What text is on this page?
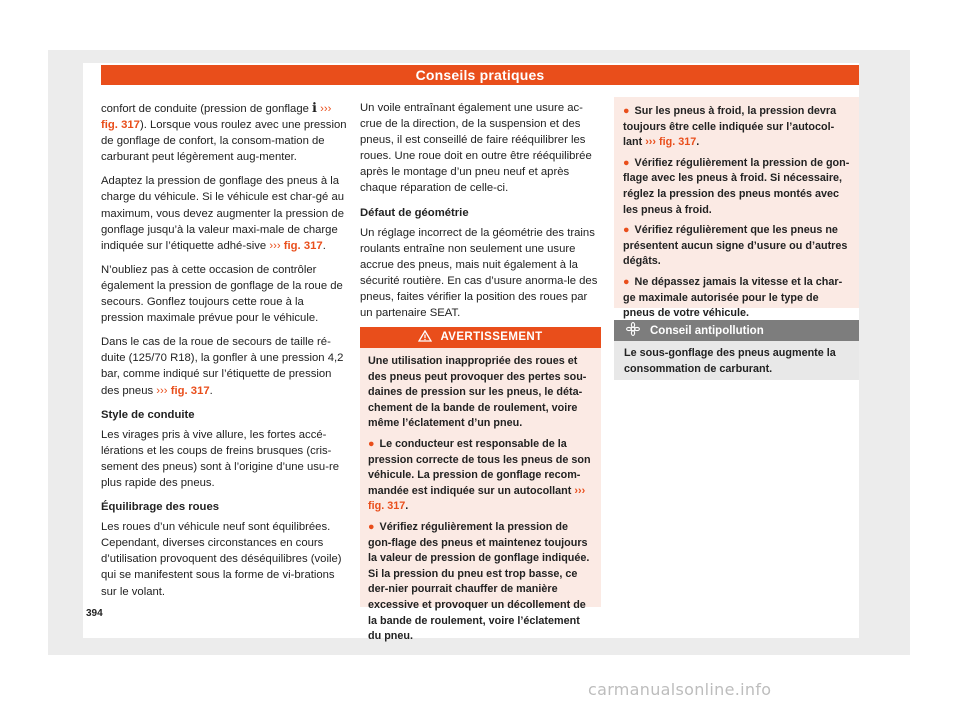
Conseils pratiques

confort de conduite (pression de gonflage ℹ ››› fig. 317). Lorsque vous roulez avec une pression de gonflage de confort, la consom-mation de carburant peut légèrement aug-menter.

Adaptez la pression de gonflage des pneus à la charge du véhicule. Si le véhicule est char-gé au maximum, vous devez augmenter la pression de gonflage jusqu’à la valeur maxi-male de charge indiquée sur l’étiquette adhé-sive ››› fig. 317.

N’oubliez pas à cette occasion de contrôler également la pression de gonflage de la roue de secours. Gonflez toujours cette roue à la pression maximale prévue pour le véhicule.

Dans le cas de la roue de secours de taille ré-duite (125/70 R18), la gonfler à une pression 4,2 bar, comme indiqué sur l’étiquette de pression des pneus ››› fig. 317.

Style de conduite

Les virages pris à vive allure, les fortes accé-lérations et les coups de freins brusques (cris-sement des pneus) sont à l’origine d’une usu-re plus rapide des pneus.

Équilibrage des roues

Les roues d’un véhicule neuf sont équilibrées. Cependant, diverses circonstances en cours d’utilisation provoquent des déséquilibres (voile) qui se manifestent sous la forme de vi-brations sur le volant.

Un voile entraînant également une usure ac-crue de la direction, de la suspension et des pneus, il est conseillé de faire rééquilibrer les roues. Une roue doit en outre être rééquilibrée après le montage d’un pneu neuf et après chaque réparation de celle-ci.

Défaut de géométrie

Un réglage incorrect de la géométrie des trains roulants entraîne non seulement une usure accrue des pneus, mais nuit également à la sécurité routière. En cas d’usure anorma-le des pneus, faites vérifier la position des roues par un partenaire SEAT.

AVERTISSEMENT

Une utilisation inappropriée des roues et des pneus peut provoquer des pertes sou-daines de pression sur les pneus, le déta-chement de la bande de roulement, voire même l’éclatement d’un pneu.

● Le conducteur est responsable de la pression correcte de tous les pneus de son véhicule. La pression de gonflage recom-mandée est indiquée sur un autocollant ››› fig. 317.

● Vérifiez régulièrement la pression de gon-flage des pneus et maintenez toujours la valeur de pression de gonflage indiquée. Si la pression du pneu est trop basse, ce der-nier pourrait chauffer de manière excessive et provoquer un décollement de la bande de roulement, voire l’éclatement du pneu.

● Sur les pneus à froid, la pression devra toujours être celle indiquée sur l’autocol-lant ››› fig. 317.

● Vérifiez régulièrement la pression de gon-flage avec les pneus à froid. Si nécessaire, réglez la pression des pneus montés avec les pneus à froid.

● Vérifiez régulièrement que les pneus ne présentent aucun signe d’usure ou d’autres dégâts.

● Ne dépassez jamais la vitesse et la char-ge maximale autorisée pour le type de pneus de votre véhicule.

Conseil antipollution
Le sous-gonflage des pneus augmente la consommation de carburant.
394
carmanualsonline.info
